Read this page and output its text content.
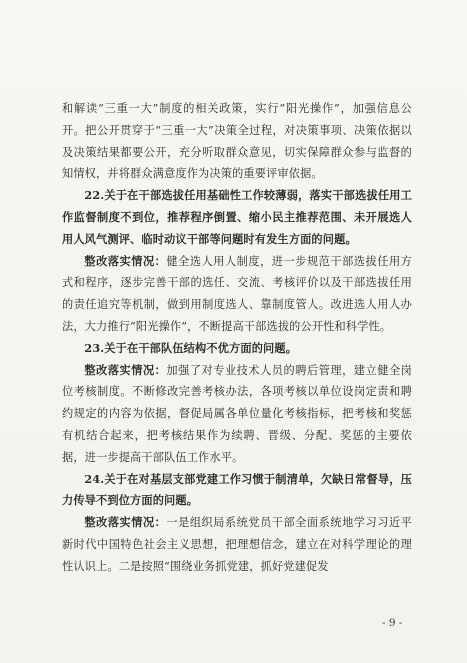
和解读“三重一大”制度的相关政策，实行“阳光操作”，加强信息公开。把公开贯穿于“三重一大”决策全过程，对决策事项、决策依据以及决策结果都要公开，充分听取群众意见，切实保障群众参与监督的知情权，并将群众满意度作为决策的重要评审依据。

22.关于在干部选拔任用基础性工作较薄弱，落实干部选拔任用工作监督制度不到位，推荐程序倒置、缩小民主推荐范围、未开展选人用人风气测评、临时动议干部等问题时有发生方面的问题。

整改落实情况：健全选人用人制度，进一步规范干部选拔任用方式和程序，逐步完善干部的选任、交流、考核评价以及干部选拔任用的责任追究等机制，做到用制度选人、靠制度管人。改进选人用人办法，大力推行“阳光操作”，不断提高干部选拔的公开性和科学性。

23.关于在干部队伍结构不优方面的问题。

整改落实情况：加强了对专业技术人员的聘后管理，建立健全岗位考核制度。不断修改完善考核办法，各项考核以单位设岗定责和聘约规定的内容为依据，督促局属各单位量化考核指标，把考核和奖惩有机结合起来，把考核结果作为续聘、晋级、分配、奖惩的主要依据，进一步提高干部队伍工作水平。

24.关于在对基层支部党建工作习惯于制清单，欠缺日常督导，压力传导不到位方面的问题。

整改落实情况：一是组织局系统党员干部全面系统地学习习近平新时代中国特色社会主义思想，把理想信念，建立在对科学理论的理性认识上。二是按照“围绕业务抓党建，抓好党建促发

- 9 -
